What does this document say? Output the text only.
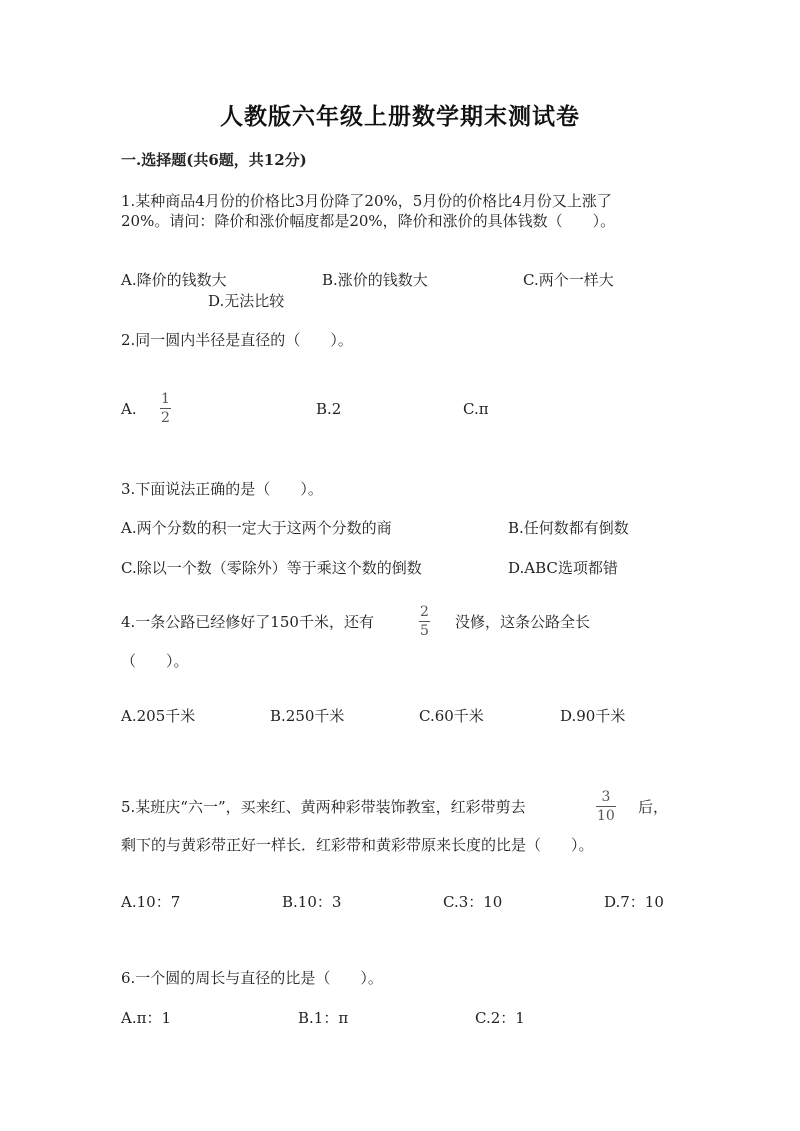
人教版六年级上册数学期末测试卷
一.选择题(共6题，共12分)
1.某种商品4月份的价格比3月份降了20%，5月份的价格比4月份又上涨了
20%。请问：降价和涨价幅度都是20%，降价和涨价的具体钱数（　　）。
A.降价的钱数大	B.涨价的钱数大	C.两个一样大
D.无法比较
2.同一圆内半径是直径的（　　）。
A.
1
2	B.2	C.π
3.下面说法正确的是（　　）。
A.两个分数的积一定大于这两个分数的商	B.任何数都有倒数
C.除以一个数（零除外）等于乘这个数的倒数	D.ABC选项都错
4.一条公路已经修好了150千米，还有
2
5 没修，这条公路全长
（　　）。
A.205千米	B.250千米	C.60千米	D.90千米
5.某班庆“六一”，买来红、黄两种彩带装饰教室，红彩带剪去
3
10 后，
剩下的与黄彩带正好一样长．红彩带和黄彩带原来长度的比是（　　）。
A.10：7	B.10：3	C.3：10	D.7：10
6.一个圆的周长与直径的比是（　　）。
A.π：1	B.1：π	C.2：1
